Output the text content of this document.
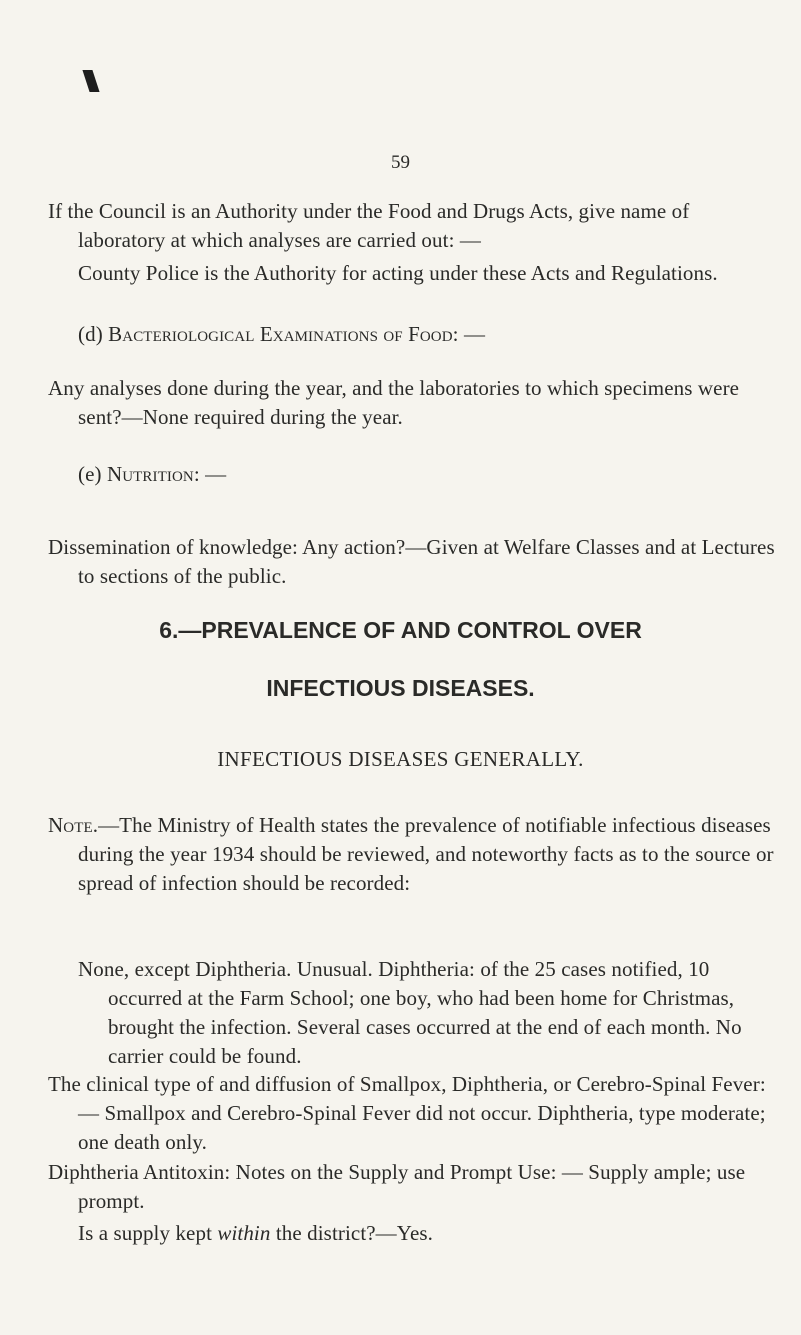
59

If the Council is an Authority under the Food and Drugs Acts, give name of laboratory at which analyses are carried out: —

County Police is the Authority for acting under these Acts and Regulations.

(d) Bacteriological Examinations of Food: —

Any analyses done during the year, and the laboratories to which specimens were sent?—None required during the year.

(e) Nutrition: —

Dissemination of knowledge: Any action?—Given at Welfare Classes and at Lectures to sections of the public.

6.—PREVALENCE OF AND CONTROL OVER
INFECTIOUS DISEASES.
INFECTIOUS DISEASES GENERALLY.

Note.—The Ministry of Health states the prevalence of notifiable infectious diseases during the year 1934 should be reviewed, and noteworthy facts as to the source or spread of infection should be recorded:

None, except Diphtheria. Unusual. Diphtheria: of the 25 cases notified, 10 occurred at the Farm School; one boy, who had been home for Christmas, brought the infection. Several cases occurred at the end of each month. No carrier could be found.

The clinical type of and diffusion of Smallpox, Diphtheria, or Cerebro-Spinal Fever: — Smallpox and Cerebro-Spinal Fever did not occur. Diphtheria, type moderate; one death only.

Diphtheria Antitoxin: Notes on the Supply and Prompt Use: — Supply ample; use prompt.

Is a supply kept within the district?—Yes.
